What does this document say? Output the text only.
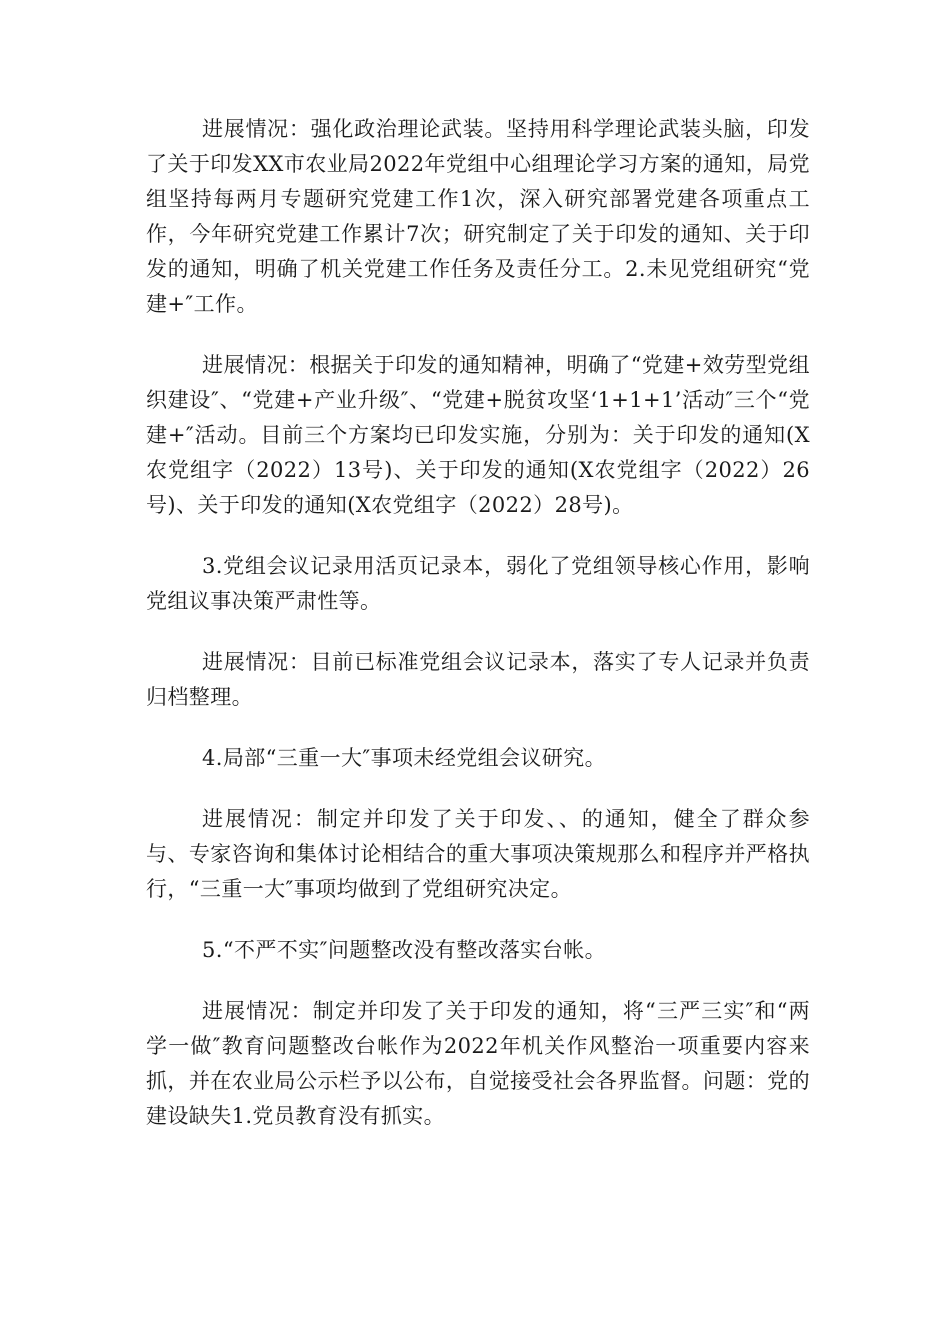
进展情况：强化政治理论武装。坚持用科学理论武装头脑，印发了关于印发XX市农业局2022年党组中心组理论学习方案的通知，局党组坚持每两月专题研究党建工作1次，深入研究部署党建各项重点工作，今年研究党建工作累计7次；研究制定了关于印发的通知、关于印发的通知，明确了机关党建工作任务及责任分工。2.未见党组研究“党建+″工作。

进展情况：根据关于印发的通知精神，明确了“党建+效劳型党组织建设″、“党建+产业升级″、“党建+脱贫攻坚‘1+1+1’活动″三个“党建+″活动。目前三个方案均已印发实施，分别为：关于印发的通知(X农党组字（2022）13号)、关于印发的通知(X农党组字（2022）26号)、关于印发的通知(X农党组字（2022）28号)。

3.党组会议记录用活页记录本，弱化了党组领导核心作用，影响党组议事决策严肃性等。

进展情况：目前已标准党组会议记录本，落实了专人记录并负责归档整理。

4.局部“三重一大″事项未经党组会议研究。

进展情况：制定并印发了关于印发、、的通知，健全了群众参与、专家咨询和集体讨论相结合的重大事项决策规那么和程序并严格执行，“三重一大″事项均做到了党组研究决定。

5.“不严不实″问题整改没有整改落实台帐。

进展情况：制定并印发了关于印发的通知，将“三严三实″和“两学一做″教育问题整改台帐作为2022年机关作风整治一项重要内容来抓，并在农业局公示栏予以公布，自觉接受社会各界监督。问题：党的建设缺失1.党员教育没有抓实。
